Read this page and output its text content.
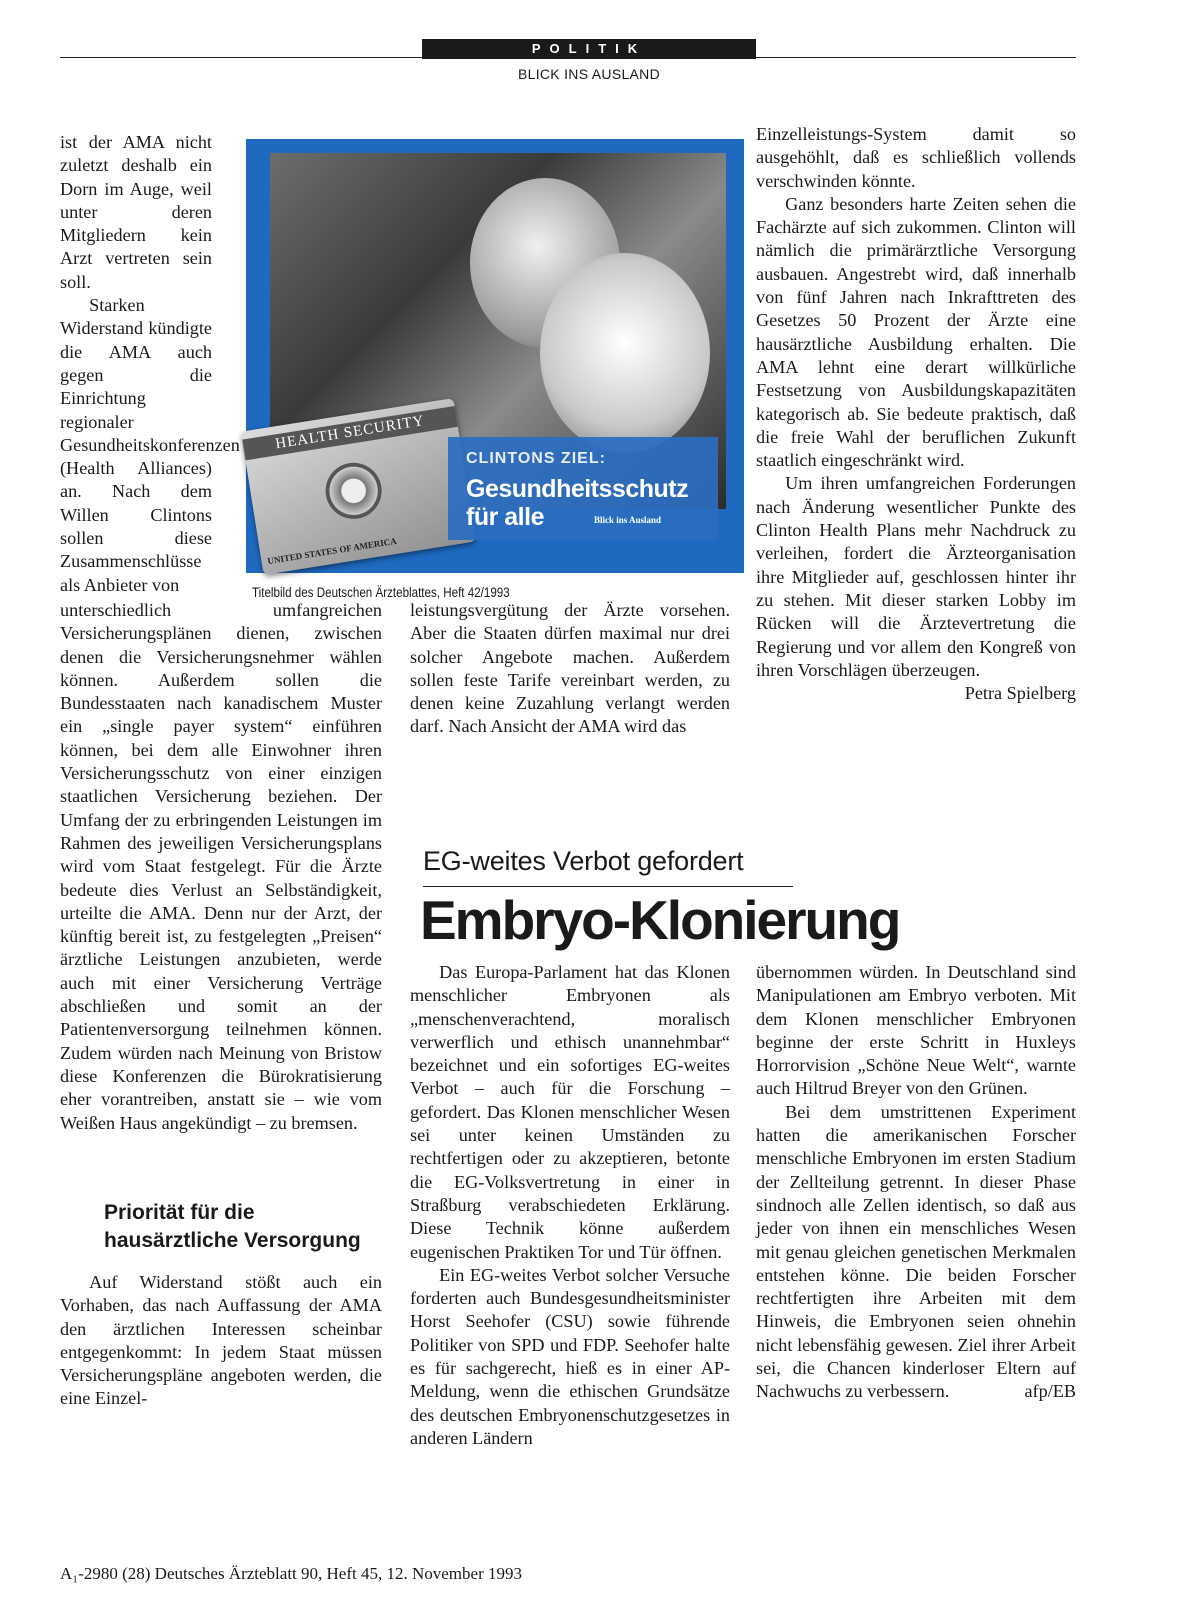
POLITIK
BLICK INS AUSLAND
HEALTH SECURITY
UNITED STATES OF AMERICA
CLINTONS ZIEL:
Gesundheitsschutz
für alle	Blick ins Ausland
Titelbild des Deutschen Ärzteblattes, Heft 42/1993

ist der AMA nicht zuletzt deshalb ein Dorn im Auge, weil unter deren Mitgliedern kein Arzt vertreten sein soll.

Starken Widerstand kündigte die AMA auch gegen die Einrichtung regionaler Gesundheitskonferenzen (Health Alliances) an. Nach dem Willen Clintons sollen diese Zusammenschlüsse als Anbieter von

unterschiedlich umfangreichen Versicherungsplänen dienen, zwischen denen die Versicherungsnehmer wählen können. Außerdem sollen die Bundesstaaten nach kanadischem Muster ein „single payer system“ einführen können, bei dem alle Einwohner ihren Versicherungsschutz von einer einzigen staatlichen Versicherung beziehen. Der Umfang der zu erbringenden Leistungen im Rahmen des jeweiligen Versicherungsplans wird vom Staat festgelegt. Für die Ärzte bedeute dies Verlust an Selbständigkeit, urteilte die AMA. Denn nur der Arzt, der künftig bereit ist, zu festgelegten „Preisen“ ärztliche Leistungen anzubieten, werde auch mit einer Versicherung Verträge abschließen und somit an der Patientenversorgung teilnehmen können. Zudem würden nach Meinung von Bristow diese Konferenzen die Bürokratisierung eher vorantreiben, anstatt sie – wie vom Weißen Haus angekündigt – zu bremsen.

Priorität für die hausärztliche Versorgung

Auf Widerstand stößt auch ein Vorhaben, das nach Auffassung der AMA den ärztlichen Interessen scheinbar entgegenkommt: In jedem Staat müssen Versicherungspläne angeboten werden, die eine Einzel-

leistungsvergütung der Ärzte vorsehen. Aber die Staaten dürfen maximal nur drei solcher Angebote machen. Außerdem sollen feste Tarife vereinbart werden, zu denen keine Zuzahlung verlangt werden darf. Nach Ansicht der AMA wird das

Einzelleistungs-System damit so ausgehöhlt, daß es schließlich vollends verschwinden könnte.

Ganz besonders harte Zeiten sehen die Fachärzte auf sich zukommen. Clinton will nämlich die primärärztliche Versorgung ausbauen. Angestrebt wird, daß innerhalb von fünf Jahren nach Inkrafttreten des Gesetzes 50 Prozent der Ärzte eine hausärztliche Ausbildung erhalten. Die AMA lehnt eine derart willkürliche Festsetzung von Ausbildungskapazitäten kategorisch ab. Sie bedeute praktisch, daß die freie Wahl der beruflichen Zukunft staatlich eingeschränkt wird.

Um ihren umfangreichen Forderungen nach Änderung wesentlicher Punkte des Clinton Health Plans mehr Nachdruck zu verleihen, fordert die Ärzteorganisation ihre Mitglieder auf, geschlossen hinter ihr zu stehen. Mit dieser starken Lobby im Rücken will die Ärztevertretung die Regierung und vor allem den Kongreß von ihren Vorschlägen überzeugen.
Petra Spielberg

EG-weites Verbot gefordert
Embryo-Klonierung

Das Europa-Parlament hat das Klonen menschlicher Embryonen als „menschenverachtend, moralisch verwerflich und ethisch unannehmbar“ bezeichnet und ein sofortiges EG-weites Verbot – auch für die Forschung – gefordert. Das Klonen menschlicher Wesen sei unter keinen Umständen zu rechtfertigen oder zu akzeptieren, betonte die EG-Volksvertretung in einer in Straßburg verabschiedeten Erklärung. Diese Technik könne außerdem eugenischen Praktiken Tor und Tür öffnen.

Ein EG-weites Verbot solcher Versuche forderten auch Bundesgesundheitsminister Horst Seehofer (CSU) sowie führende Politiker von SPD und FDP. Seehofer halte es für sachgerecht, hieß es in einer AP-Meldung, wenn die ethischen Grundsätze des deutschen Embryonenschutzgesetzes in anderen Ländern

übernommen würden. In Deutschland sind Manipulationen am Embryo verboten. Mit dem Klonen menschlicher Embryonen beginne der erste Schritt in Huxleys Horrorvision „Schöne Neue Welt“, warnte auch Hiltrud Breyer von den Grünen.

Bei dem umstrittenen Experiment hatten die amerikanischen Forscher menschliche Embryonen im ersten Stadium der Zellteilung getrennt. In dieser Phase sindnoch alle Zellen identisch, so daß aus jeder von ihnen ein menschliches Wesen mit genau gleichen genetischen Merkmalen entstehen könne. Die beiden Forscher rechtfertigten ihre Arbeiten mit dem Hinweis, die Embryonen seien ohnehin nicht lebensfähig gewesen. Ziel ihrer Arbeit sei, die Chancen kinderloser Eltern auf Nachwuchs zu verbessern.	afp/EB

A₁-2980 (28) Deutsches Ärzteblatt 90, Heft 45, 12. November 1993
